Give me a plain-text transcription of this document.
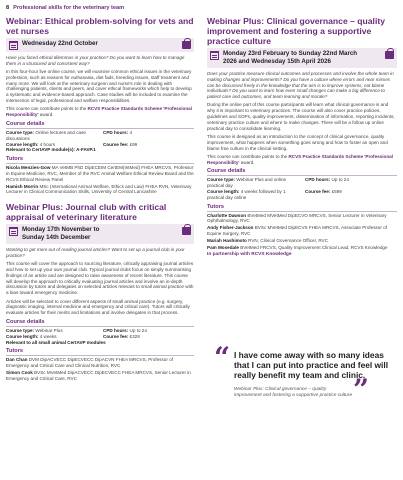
8 Professional skills for the veterinary team
Webinar: Ethical problem-solving for vets and vet nurses
Wednesday 22nd October

Have you faced ethical dilemmas in your practice? Do you want to learn how to manage them in a structured and consistent way?

In this four-hour live online course, we will examine common ethical issues in the veterinary profession, such as reasons for euthanasia, diet fads, breeding issues, staff treatment and many more. We will look at the veterinary surgeon and nurse's role in dealing with challenging patients, clients and peers, and cover ethical frameworks which help to develop a systematic and evidence-based approach. Case studies will be included to examine the intersection of legal, professional and welfare responsibilities.

This course can contribute points to the RCVS Practice Standards Scheme 'Professional Responsibility' award.

Course details
Course type: Online lectures and case discussions
CPD hours: 4
Course length: 4 hours	Course fee: £99
Relevant to CertAVP module(s): A-FAVP.1
Tutors
Nicola Menzies-Gow MA VetMB PhD DipECEIM CertEM(IntMed) FHEA MRCVS, Professor in Equine Medicine, RVC, Member of the RVC Animal Welfare Ethical Review Board and the RCVS Ethical Review Panel
Hamish Morrin MSc (International Animal Welfare, Ethics and Law) FHEA RVN, Veterinary Lecturer in Clinical Communication Skills, University of Central Lancashire
Webinar Plus: Journal club with critical appraisal of veterinary literature
Monday 17th November to
Sunday 14th December

Wanting to get more out of reading journal articles? Want to set up a journal club in your practice?

This course will cover the approach to sourcing literature, critically appraising journal articles and how to set up your own journal club. Typical journal clubs focus on simply summarising findings of an article and are designed to raise awareness of recent literature. This course will develop the approach to critically evaluating journal articles and involve an in-depth discussion by tutors and delegates on selected articles relevant to small animal practice with a bias toward emergency medicine.

Articles will be selected to cover different aspects of small animal practice (e.g. surgery, diagnostic imaging, internal medicine and emergency and critical care). Tutors will critically evaluate articles for their merits and limitations and involve delegates in that process.

Course details
Course type: Webinar Plus	CPD hours: Up to 24
Course length: 4 weeks	Course fee: £329
Relevant to all small animal CertAVP modules
Tutors
Dan Chan DVM DipACVECC DipECVECC DipACVN FHEA MRCVS, Professor of Emergency and Critical Care and Clinical Nutrition, RVC
Simon Cook BVSc MVetMed DipACVECC DipECVECC FHEA MRCVS, Senior Lecturer in Emergency and Critical Care, RVC
Webinar Plus: Clinical governance – quality improvement and fostering a supportive practice culture
Monday 23rd February to Sunday 22nd March
2026 and Wednesday 15th April 2026

Does your practice measure clinical outcomes and processes and involve the whole team in making changes and improvements? Do you have a culture where errors and near misses can be discussed freely in the knowledge that the aim is to improve systems, not blame individuals? Do you want to learn how even small changes can make a big difference to patient care and outcomes, and team learning and morale?

During the online part of this course participants will learn what clinical governance is and why it is important to veterinary practices. The course will also cover practice policies, guidelines and SOPs, quality improvement, dissemination of information, reporting incidents, veterinary practice culture and where to make changes. There will be a follow up online practical day to consolidate learning.

This course is designed as an introduction to the concept of clinical governance, quality improvement, what happens when something goes wrong and how to foster an open and blame free culture in the clinical setting.

This course can contribute points to the RCVS Practice Standards Scheme 'Professional Responsibility' award.

Course details
Course type: Webinar Plus and online practical day
CPD hours: Up to 24
Course length: 4 weeks followed by 1 practical day online
Course fee: £599
Tutors
Charlotte Dawson BVetMed MVetMed DipECVO MRCVS, Senior Lecturer in Veterinary Ophthalmology, RVC
Andy Fisher-Jackson BVSc MVetMed DipECVS FHEA MRCVS, Associate Professor of Equine Surgery, RVC
Mariah Hashimoto RVN, Clinical Governance Officer, RVC
Pam Mosedale BVetMed FRCVS, Quality Improvement Clinical Lead, RCVS Knowledge
In partnership with RCVS Knowledge
“ I have come away with so many ideas that I can put into practice and feel will really benefit my team and clinic.
”
Webinar Plus: Clinical governance – quality improvement and fostering a supportive practice culture
